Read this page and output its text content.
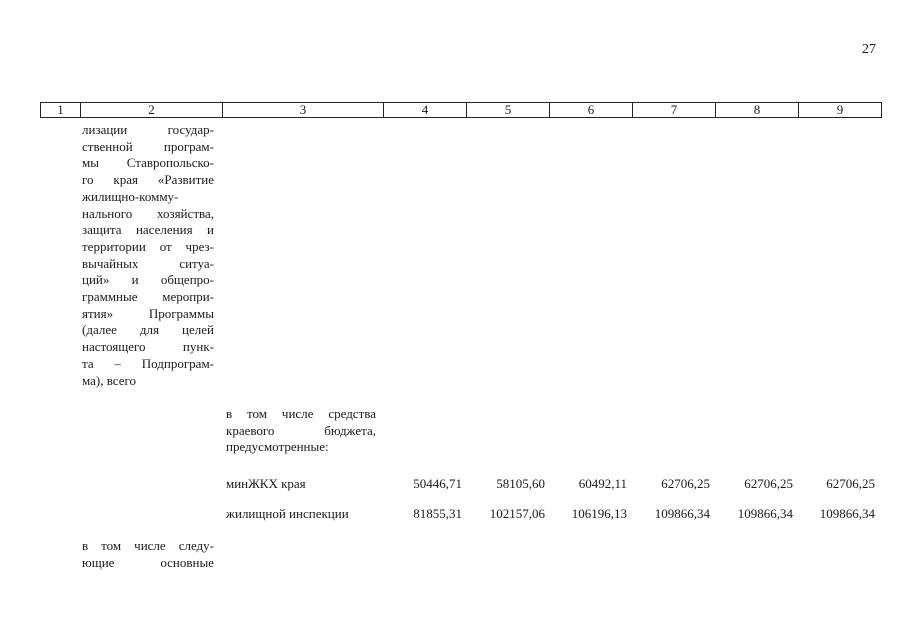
27
1	2	3	4	5	6	7	8	9
лизации государ-
ственной програм-
мы Ставропольско-
го края «Развитие
жилищно-комму-
нального хозяйства,
защита населения и
территории от чрез-
вычайных ситуа-
ций» и общепро-
граммные меропри-
ятия» Программы
(далее для целей
настоящего пунк-
та – Подпрограм-
ма), всего
в том числе средства
краевого бюджета,
предусмотренные:
минЖКХ края	50446,71	58105,60	60492,11	62706,25	62706,25	62706,25
жилищной инспекции	81855,31	102157,06	106196,13	109866,34	109866,34	109866,34
в том числе следу-
ющие основные
